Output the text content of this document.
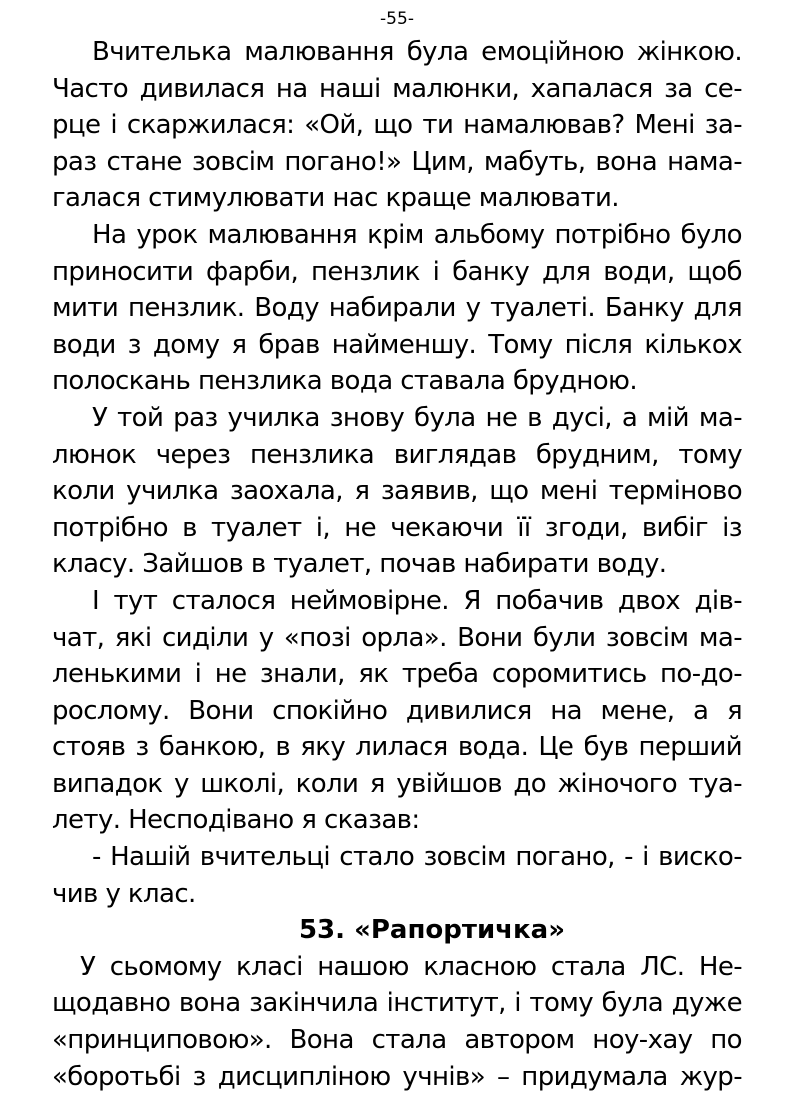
-55-
Вчителька малювання була емоційною жінкою.
Часто дивилася на наші малюнки, хапалася за се-
рце і скаржилася: «Ой, що ти намалював? Мені за-
раз стане зовсім погано!» Цим, мабуть, вона нама-
галася стимулювати нас краще малювати.
На урок малювання крім альбому потрібно було
приносити фарби, пензлик і банку для води, щоб
мити пензлик. Воду набирали у туалеті. Банку для
води з дому я брав найменшу. Тому після кількох
полоскань пензлика вода ставала брудною.
У той раз училка знову була не в дусі, а мій ма-
люнок через пензлика виглядав брудним, тому
коли училка заохала, я заявив, що мені терміново
потрібно в туалет і, не чекаючи її згоди, вибіг із
класу. Зайшов в туалет, почав набирати воду.
І тут сталося неймовірне. Я побачив двох дів-
чат, які сиділи у «позі орла». Вони були зовсім ма-
ленькими і не знали, як треба соромитись по-до-
рослому. Вони спокійно дивилися на мене, а я
стояв з банкою, в яку лилася вода. Це був перший
випадок у школі, коли я увійшов до жіночого туа-
лету. Несподівано я сказав:
- Нашій вчительці стало зовсім погано, - і виско-
чив у клас.
53. «Рапортичка»
У сьомому класі нашою класною стала ЛС. Не-
щодавно вона закінчила інститут, і тому була дуже
«принциповою». Вона стала автором ноу-хау по
«боротьбі з дисципліною учнів» – придумала жур-
